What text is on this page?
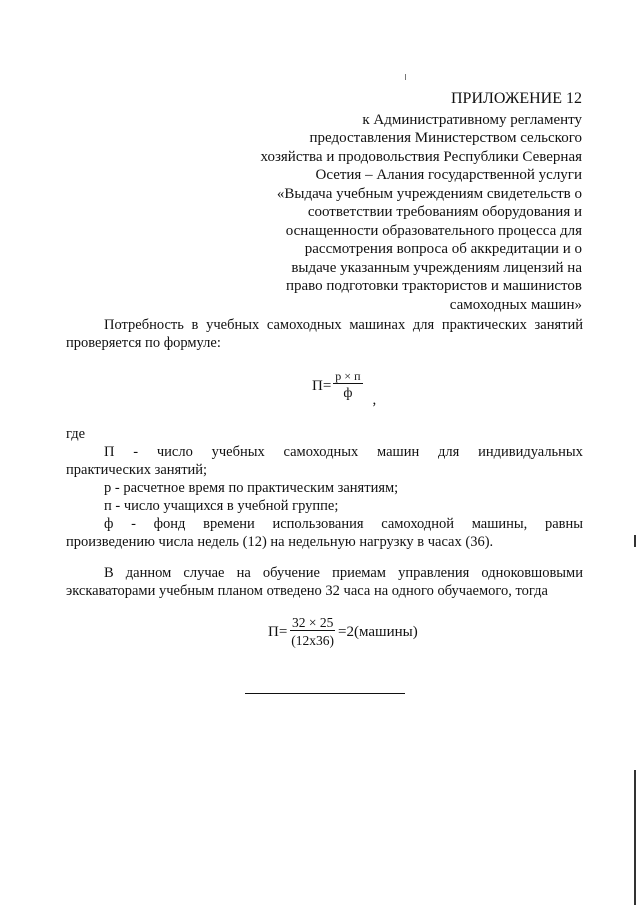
ПРИЛОЖЕНИЕ 12
к Административному регламенту
предоставления Министерством сельского
хозяйства и продовольствия Республики Северная
Осетия – Алания государственной услуги
«Выдача учебным учреждениям свидетельств о
соответствии требованиям оборудования и
оснащенности образовательного процесса для
рассмотрения вопроса об аккредитации и о
выдаче указанным учреждениям лицензий на
право подготовки трактористов и машинистов
самоходных машин»
Потребность в учебных самоходных машинах для практических занятий
проверяется по формуле:
$П= \frac{р \times п}{ф}$ ,
где
П - число учебных самоходных машин для индивидуальных
практических занятий;
р - расчетное время по практическим занятиям;
п - число учащихся в учебной группе;
ф - фонд времени использования самоходной машины, равны
произведению числа недель (12) на недельную нагрузку в часах (36).
В данном случае на обучение приемам управления одноковшовыми экскаваторами учебным планом отведено 32 часа на одного обучаемого, тогда
$П= \frac{32 \times 25}{(12х36)}$ =2(машины)
